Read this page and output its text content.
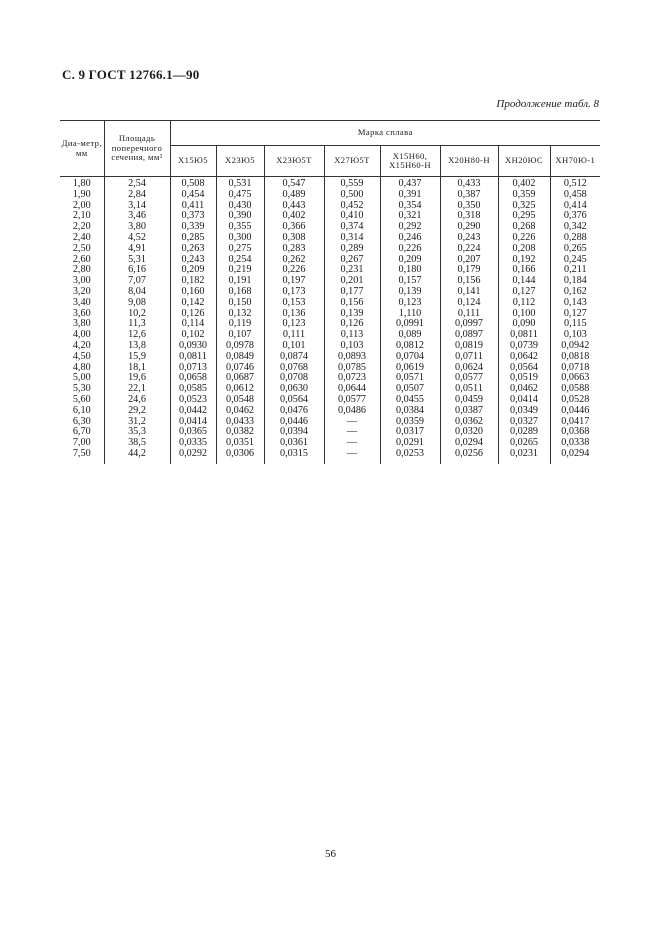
С. 9 ГОСТ 12766.1—90
Продолжение табл. 8
Диа-метр, мм	Площадь поперечного сечения, мм²	Марка сплава							
		Х15Ю5	Х23Ю5	Х23Ю5Т	Х27Ю5Т	Х15Н60, Х15Н60-Н	Х20Н80-Н	ХН20ЮС	ХН70Ю-1
1,80	2,54	0,508	0,531	0,547	0,559	0,437	0,433	0,402	0,512
1,90	2,84	0,454	0,475	0,489	0,500	0,391	0,387	0,359	0,458
2,00	3,14	0,411	0,430	0,443	0,452	0,354	0,350	0,325	0,414
2,10	3,46	0,373	0,390	0,402	0,410	0,321	0,318	0,295	0,376
2,20	3,80	0,339	0,355	0,366	0,374	0,292	0,290	0,268	0,342
2,40	4,52	0,285	0,300	0,308	0,314	0,246	0,243	0,226	0,288
2,50	4,91	0,263	0,275	0,283	0,289	0,226	0,224	0,208	0,265
2,60	5,31	0,243	0,254	0,262	0,267	0,209	0,207	0,192	0,245
2,80	6,16	0,209	0,219	0,226	0,231	0,180	0,179	0,166	0,211
3,00	7,07	0,182	0,191	0,197	0,201	0,157	0,156	0,144	0,184
3,20	8,04	0,160	0,168	0,173	0,177	0,139	0,141	0,127	0,162
3,40	9,08	0,142	0,150	0,153	0,156	0,123	0,124	0,112	0,143
3,60	10,2	0,126	0,132	0,136	0,139	1,110	0,111	0,100	0,127
3,80	11,3	0,114	0,119	0,123	0,126	0,0991	0,0997	0,090	0,115
4,00	12,6	0,102	0,107	0,111	0,113	0,089	0,0897	0,0811	0,103
4,20	13,8	0,0930	0,0978	0,101	0,103	0,0812	0,0819	0,0739	0,0942
4,50	15,9	0,0811	0,0849	0,0874	0,0893	0,0704	0,0711	0,0642	0,0818
4,80	18,1	0,0713	0,0746	0,0768	0,0785	0,0619	0,0624	0,0564	0,0718
5,00	19,6	0,0658	0,0687	0,0708	0,0723	0,0571	0,0577	0,0519	0,0663
5,30	22,1	0,0585	0,0612	0,0630	0,0644	0,0507	0,0511	0,0462	0,0588
5,60	24,6	0,0523	0,0548	0,0564	0,0577	0,0455	0,0459	0,0414	0,0528
6,10	29,2	0,0442	0,0462	0,0476	0,0486	0,0384	0,0387	0,0349	0,0446
6,30	31,2	0,0414	0,0433	0,0446	—	0,0359	0,0362	0,0327	0,0417
6,70	35,3	0,0365	0,0382	0,0394	—	0,0317	0,0320	0,0289	0,0368
7,00	38,5	0,0335	0,0351	0,0361	—	0,0291	0,0294	0,0265	0,0338
7,50	44,2	0,0292	0,0306	0,0315	—	0,0253	0,0256	0,0231	0,0294
56
